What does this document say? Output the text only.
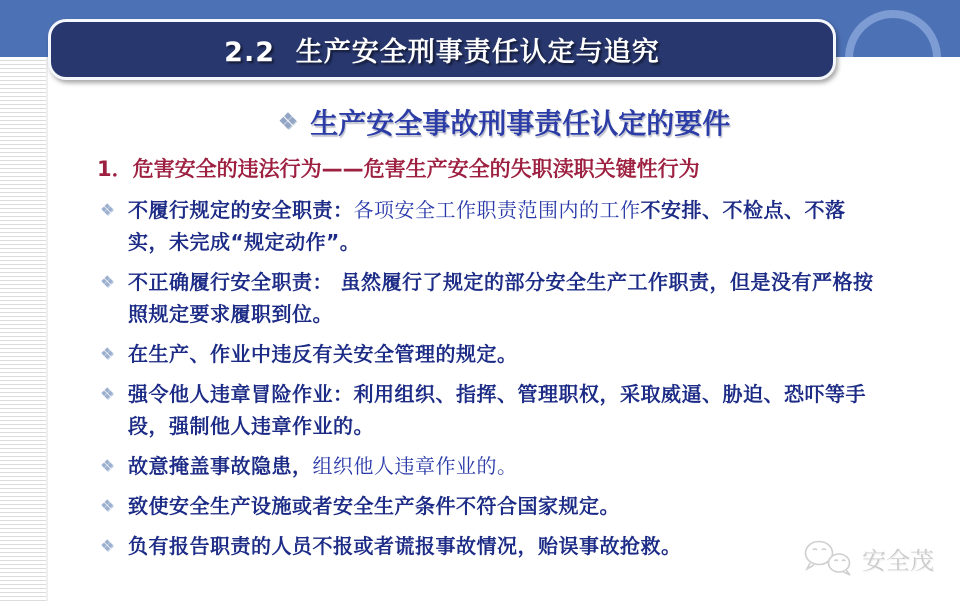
2.2  生产安全刑事责任认定与追究
❖ 生产安全事故刑事责任认定的要件
1．危害安全的违法行为——危害生产安全的失职渎职关键性行为
❖ 不履行规定的安全职责：各项安全工作职责范围内的工作不安排、不检点、不落实，未完成“规定动作”。
❖ 不正确履行安全职责： 虽然履行了规定的部分安全生产工作职责，但是没有严格按照规定要求履职到位。
❖ 在生产、作业中违反有关安全管理的规定。
❖ 强令他人违章冒险作业：利用组织、指挥、管理职权，采取威逼、胁迫、恐吓等手段，强制他人违章作业的。
❖ 故意掩盖事故隐患，组织他人违章作业的。
❖ 致使安全生产设施或者安全生产条件不符合国家规定。
❖ 负有报告职责的人员不报或者谎报事故情况，贻误事故抢救。
安全茂
